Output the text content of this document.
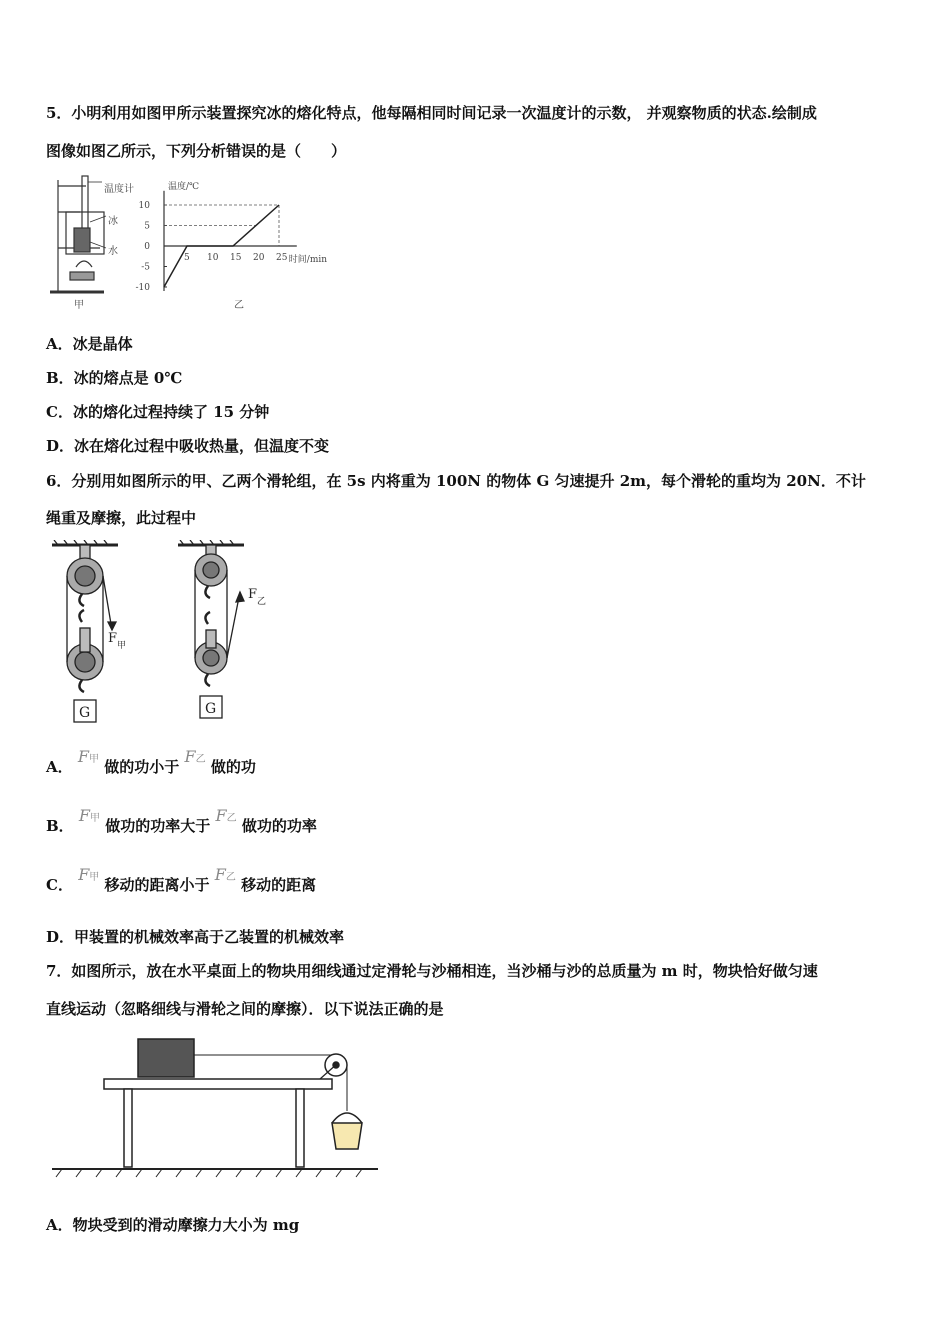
5．小明利用如图甲所示装置探究冰的熔化特点，他每隔相同时间记录一次温度计的示数， 并观察物质的状态.绘制成
图像如图乙所示，下列分析错误的是（　　）
温度计
冰
水
甲
温度/℃
时间/min
5 10 15 20 25
10
5
0
-5
-10
乙
A．冰是晶体
B．冰的熔点是 0℃
C．冰的熔化过程持续了 15 分钟
D．冰在熔化过程中吸收热量，但温度不变
6．分别用如图所示的甲、乙两个滑轮组，在 5s 内将重为 100N 的物体 G 匀速提升 2m，每个滑轮的重均为 20N．不计
绳重及摩擦，此过程中
G	G
F 甲
F 乙
A． F甲 做的功小于 F乙 做的功
B． F甲 做功的功率大于 F乙 做功的功率
C． F甲 移动的距离小于 F乙 移动的距离
D．甲装置的机械效率高于乙装置的机械效率
7．如图所示，放在水平桌面上的物块用细线通过定滑轮与沙桶相连，当沙桶与沙的总质量为 m 时，物块恰好做匀速
直线运动（忽略细线与滑轮之间的摩擦）．以下说法正确的是
A．物块受到的滑动摩擦力大小为 mg
